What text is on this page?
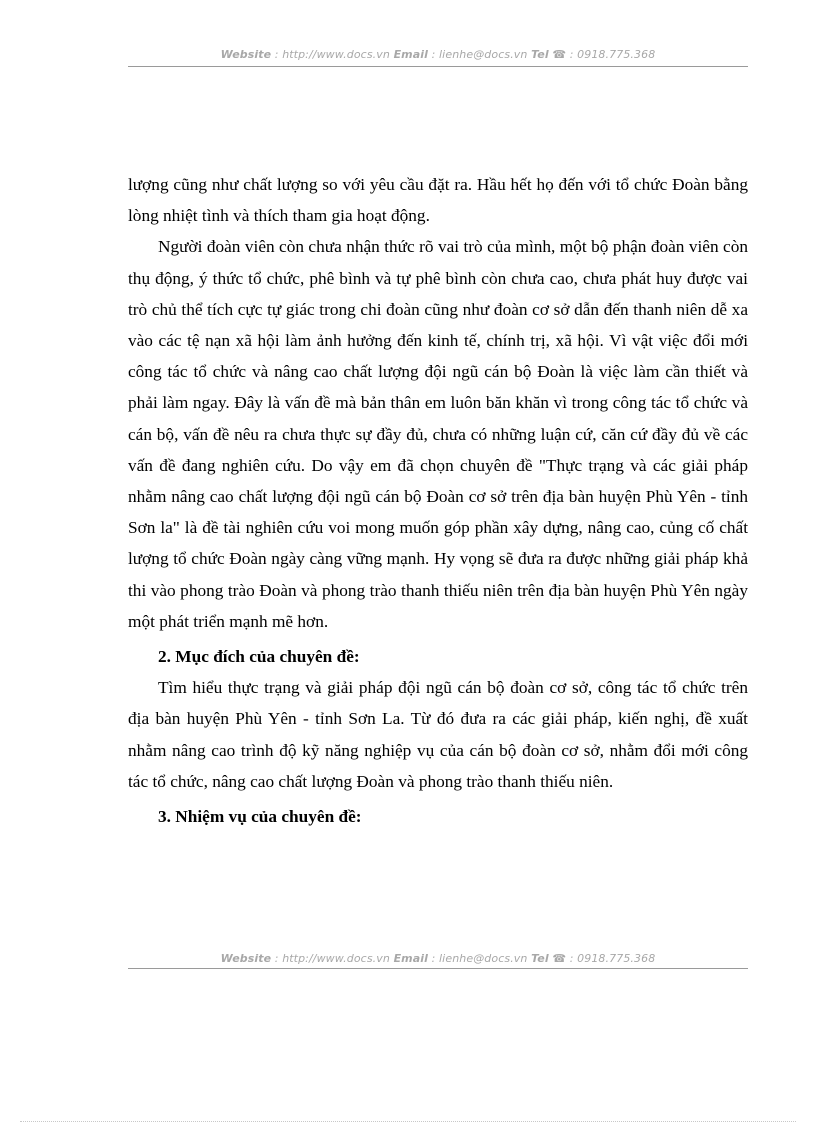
Website : http://www.docs.vn Email : lienhe@docs.vn Tel ☎ : 0918.775.368

lượng cũng như chất lượng so với yêu cầu đặt ra. Hầu hết họ đến với tổ chức Đoàn bằng lòng nhiệt tình và thích tham gia hoạt động.

Người đoàn viên còn chưa nhận thức rõ vai trò của mình, một bộ phận đoàn viên còn thụ động, ý thức tổ chức, phê bình và tự phê bình còn chưa cao, chưa phát huy được vai trò chủ thể tích cực tự giác trong chi đoàn cũng như đoàn cơ sở dẫn đến thanh niên dễ xa vào các tệ nạn xã hội làm ảnh hưởng đến kinh tế, chính trị, xã hội. Vì vật việc đổi mới công tác tổ chức và nâng cao chất lượng đội ngũ cán bộ Đoàn là việc làm cần thiết và phải làm ngay. Đây là vấn đề mà bản thân em luôn băn khăn vì trong công tác tổ chức và cán bộ, vấn đề nêu ra chưa thực sự đầy đủ, chưa có những luận cứ, căn cứ đầy đủ về các vấn đề đang nghiên cứu. Do vậy em đã chọn chuyên đề "Thực trạng và các giải pháp nhằm nâng cao chất lượng đội ngũ cán bộ Đoàn cơ sở trên địa bàn huyện Phù Yên - tỉnh Sơn la" là đề tài nghiên cứu voi mong muốn góp phần xây dựng, nâng cao, củng cố chất lượng tổ chức Đoàn ngày càng vững mạnh. Hy vọng sẽ đưa ra được những giải pháp khả thi vào phong trào Đoàn và phong trào thanh thiếu niên trên địa bàn huyện Phù Yên ngày một phát triển mạnh mẽ hơn.

2. Mục đích của chuyên đề:

Tìm hiểu thực trạng và giải pháp đội ngũ cán bộ đoàn cơ sở, công tác tổ chức trên địa bàn huyện Phù Yên - tỉnh Sơn La. Từ đó đưa ra các giải pháp, kiến nghị, đề xuất nhằm nâng cao trình độ kỹ năng nghiệp vụ của cán bộ đoàn cơ sở, nhằm đổi mới công tác tổ chức, nâng cao chất lượng Đoàn và phong trào thanh thiếu niên.

3. Nhiệm vụ của chuyên đề:

Website : http://www.docs.vn Email : lienhe@docs.vn Tel ☎ : 0918.775.368
